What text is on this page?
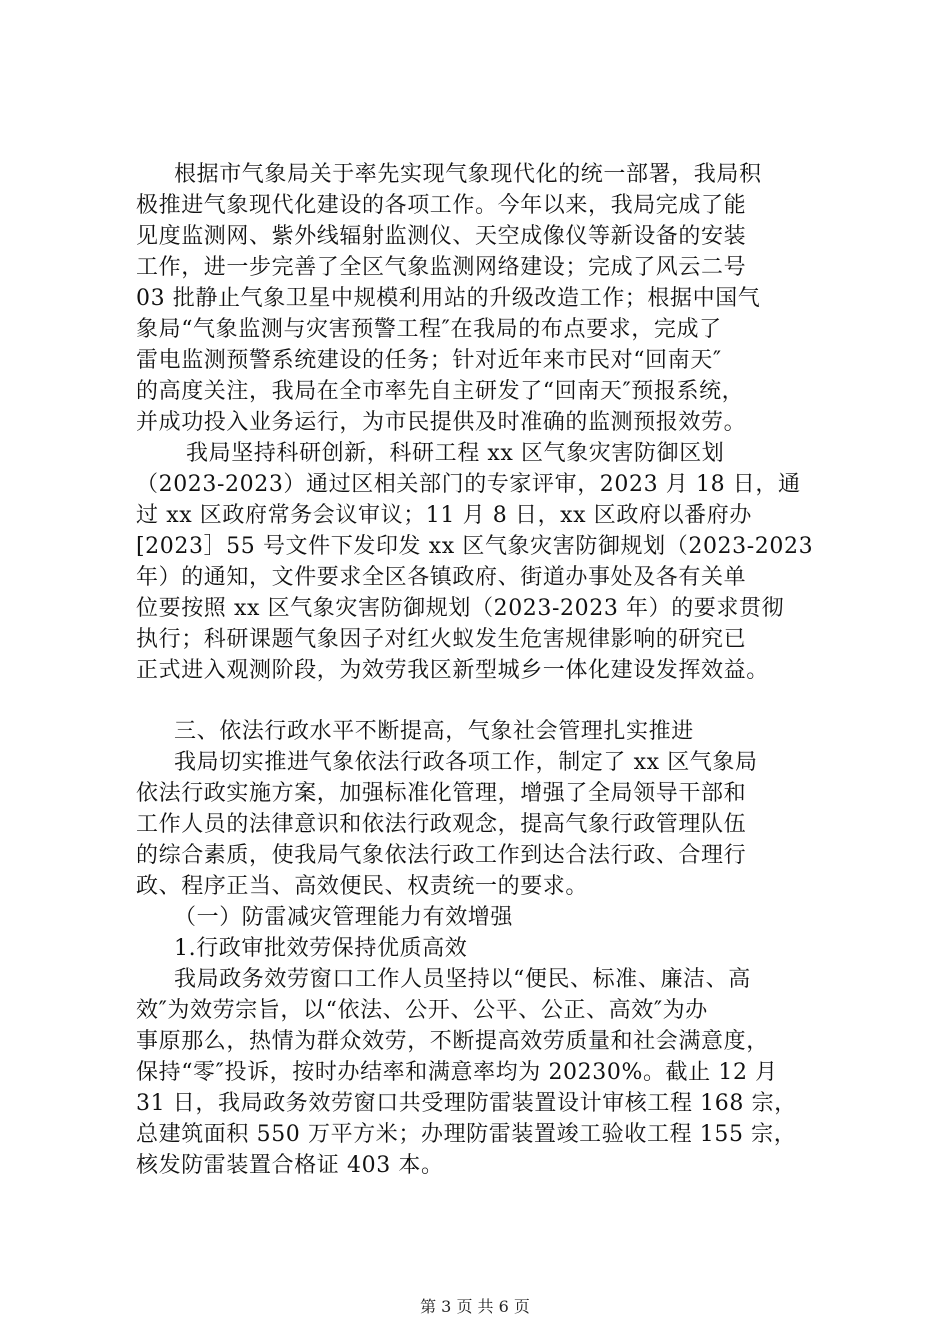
根据市气象局关于率先实现气象现代化的统一部署，我局积
极推进气象现代化建设的各项工作。今年以来，我局完成了能
见度监测网、紫外线辐射监测仪、天空成像仪等新设备的安装
工作，进一步完善了全区气象监测网络建设；完成了风云二号
03 批静止气象卫星中规模利用站的升级改造工作；根据中国气
象局“气象监测与灾害预警工程″在我局的布点要求，完成了
雷电监测预警系统建设的任务；针对近年来市民对“回南天″
的高度关注，我局在全市率先自主研发了“回南天″预报系统，
并成功投入业务运行，为市民提供及时准确的监测预报效劳。
我局坚持科研创新，科研工程 xx 区气象灾害防御区划
（2023-2023）通过区相关部门的专家评审，2023 月 18 日，通
过 xx 区政府常务会议审议；11 月 8 日，xx 区政府以番府办
[2023］55 号文件下发印发 xx 区气象灾害防御规划（2023-2023
年）的通知，文件要求全区各镇政府、街道办事处及各有关单
位要按照 xx 区气象灾害防御规划（2023-2023 年）的要求贯彻
执行；科研课题气象因子对红火蚁发生危害规律影响的研究已
正式进入观测阶段，为效劳我区新型城乡一体化建设发挥效益。
三、依法行政水平不断提高，气象社会管理扎实推进
我局切实推进气象依法行政各项工作，制定了 xx 区气象局
依法行政实施方案，加强标准化管理，增强了全局领导干部和
工作人员的法律意识和依法行政观念，提高气象行政管理队伍
的综合素质，使我局气象依法行政工作到达合法行政、合理行
政、程序正当、高效便民、权责统一的要求。
（一）防雷减灾管理能力有效增强
1.行政审批效劳保持优质高效
我局政务效劳窗口工作人员坚持以“便民、标准、廉洁、高
效″为效劳宗旨，以“依法、公开、公平、公正、高效″为办
事原那么，热情为群众效劳，不断提高效劳质量和社会满意度，
保持“零″投诉，按时办结率和满意率均为 20230%。截止 12 月
31 日，我局政务效劳窗口共受理防雷装置设计审核工程 168 宗，
总建筑面积 550 万平方米；办理防雷装置竣工验收工程 155 宗，
核发防雷装置合格证 403 本。
第 3 页 共 6 页
